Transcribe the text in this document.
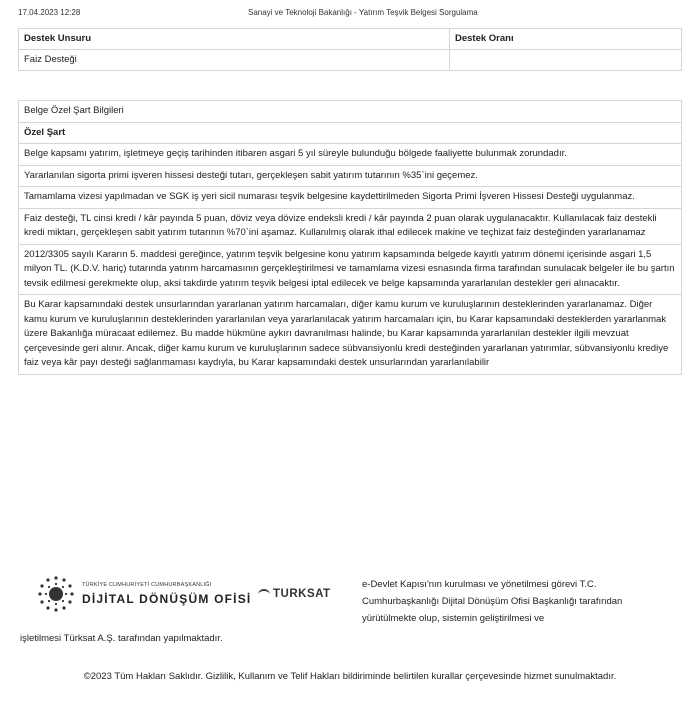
17.04.2023 12:28	Sanayi ve Teknoloji Bakanlığı - Yatırım Teşvik Belgesi Sorgulama
Destek Unsuru	Destek Oranı
Faiz Desteği	
Belge Özel Şart Bilgileri
Özel Şart
Belge kapsamı yatırım, işletmeye geçiş tarihinden itibaren asgari 5 yıl süreyle bulunduğu bölgede faaliyette bulunmak zorundadır.
Yararlanılan sigorta primi işveren hissesi desteği tutarı, gerçekleşen sabit yatırım tutarının %35`ini geçemez.
Tamamlama vizesi yapılmadan ve SGK iş yeri sicil numarası teşvik belgesine kaydettirilmeden Sigorta Primi İşveren Hissesi Desteği uygulanmaz.
Faiz desteği, TL cinsi kredi / kâr payında 5 puan, döviz veya dövize endeksli kredi / kâr payında 2 puan olarak uygulanacaktır. Kullanılacak faiz destekli kredi miktarı, gerçekleşen sabit yatırım tutarının %70`ini aşamaz. Kullanılmış olarak ithal edilecek makine ve teçhizat faiz desteğinden yararlanamaz
2012/3305 sayılı Kararın 5. maddesi gereğince, yatırım teşvik belgesine konu yatırım kapsamında belgede kayıtlı yatırım dönemi içerisinde asgari 1,5 milyon TL. (K.D.V. hariç) tutarında yatırım harcamasının gerçekleştirilmesi ve tamamlama vizesi esnasında firma tarafından sunulacak belgeler ile bu şartın tevsik edilmesi gerekmekte olup, aksi takdirde yatırım teşvik belgesi iptal edilecek ve belge kapsamında yararlanılan destekler geri alınacaktır.
Bu Karar kapsamındaki destek unsurlarından yararlanan yatırım harcamaları, diğer kamu kurum ve kuruluşlarının desteklerinden yararlanamaz. Diğer kamu kurum ve kuruluşlarının desteklerinden yararlanılan veya yararlanılacak yatırım harcamaları için, bu Karar kapsamındaki desteklerden yararlanmak üzere Bakanlığa müracaat edilemez. Bu madde hükmüne aykırı davranılması halinde, bu Karar kapsamında yararlanılan destekler ilgili mevzuat çerçevesinde geri alınır. Ancak, diğer kamu kurum ve kuruluşlarının sadece sübvansiyonlu kredi desteğinden yararlanan yatırımlar, sübvansiyonlu krediye faiz veya kâr payı desteği sağlanmaması kaydıyla, bu Karar kapsamındaki destek unsurlarından yararlanılabilir
TÜRKİYE CUMHURİYETİ CUMHURBAŞKANLIĞI
DİJİTAL DÖNÜŞÜM OFİSİ	TURKSAT
e-Devlet Kapısı'nın kurulması ve yönetilmesi görevi T.C. Cumhurbaşkanlığı Dijital Dönüşüm Ofisi Başkanlığı tarafından yürütülmekte olup, sistemin geliştirilmesi ve
işletilmesi Türksat A.Ş. tarafından yapılmaktadır.
©2023 Tüm Hakları Saklıdır. Gizlilik, Kullanım ve Telif Hakları bildiriminde belirtilen kurallar çerçevesinde hizmet sunulmaktadır.
